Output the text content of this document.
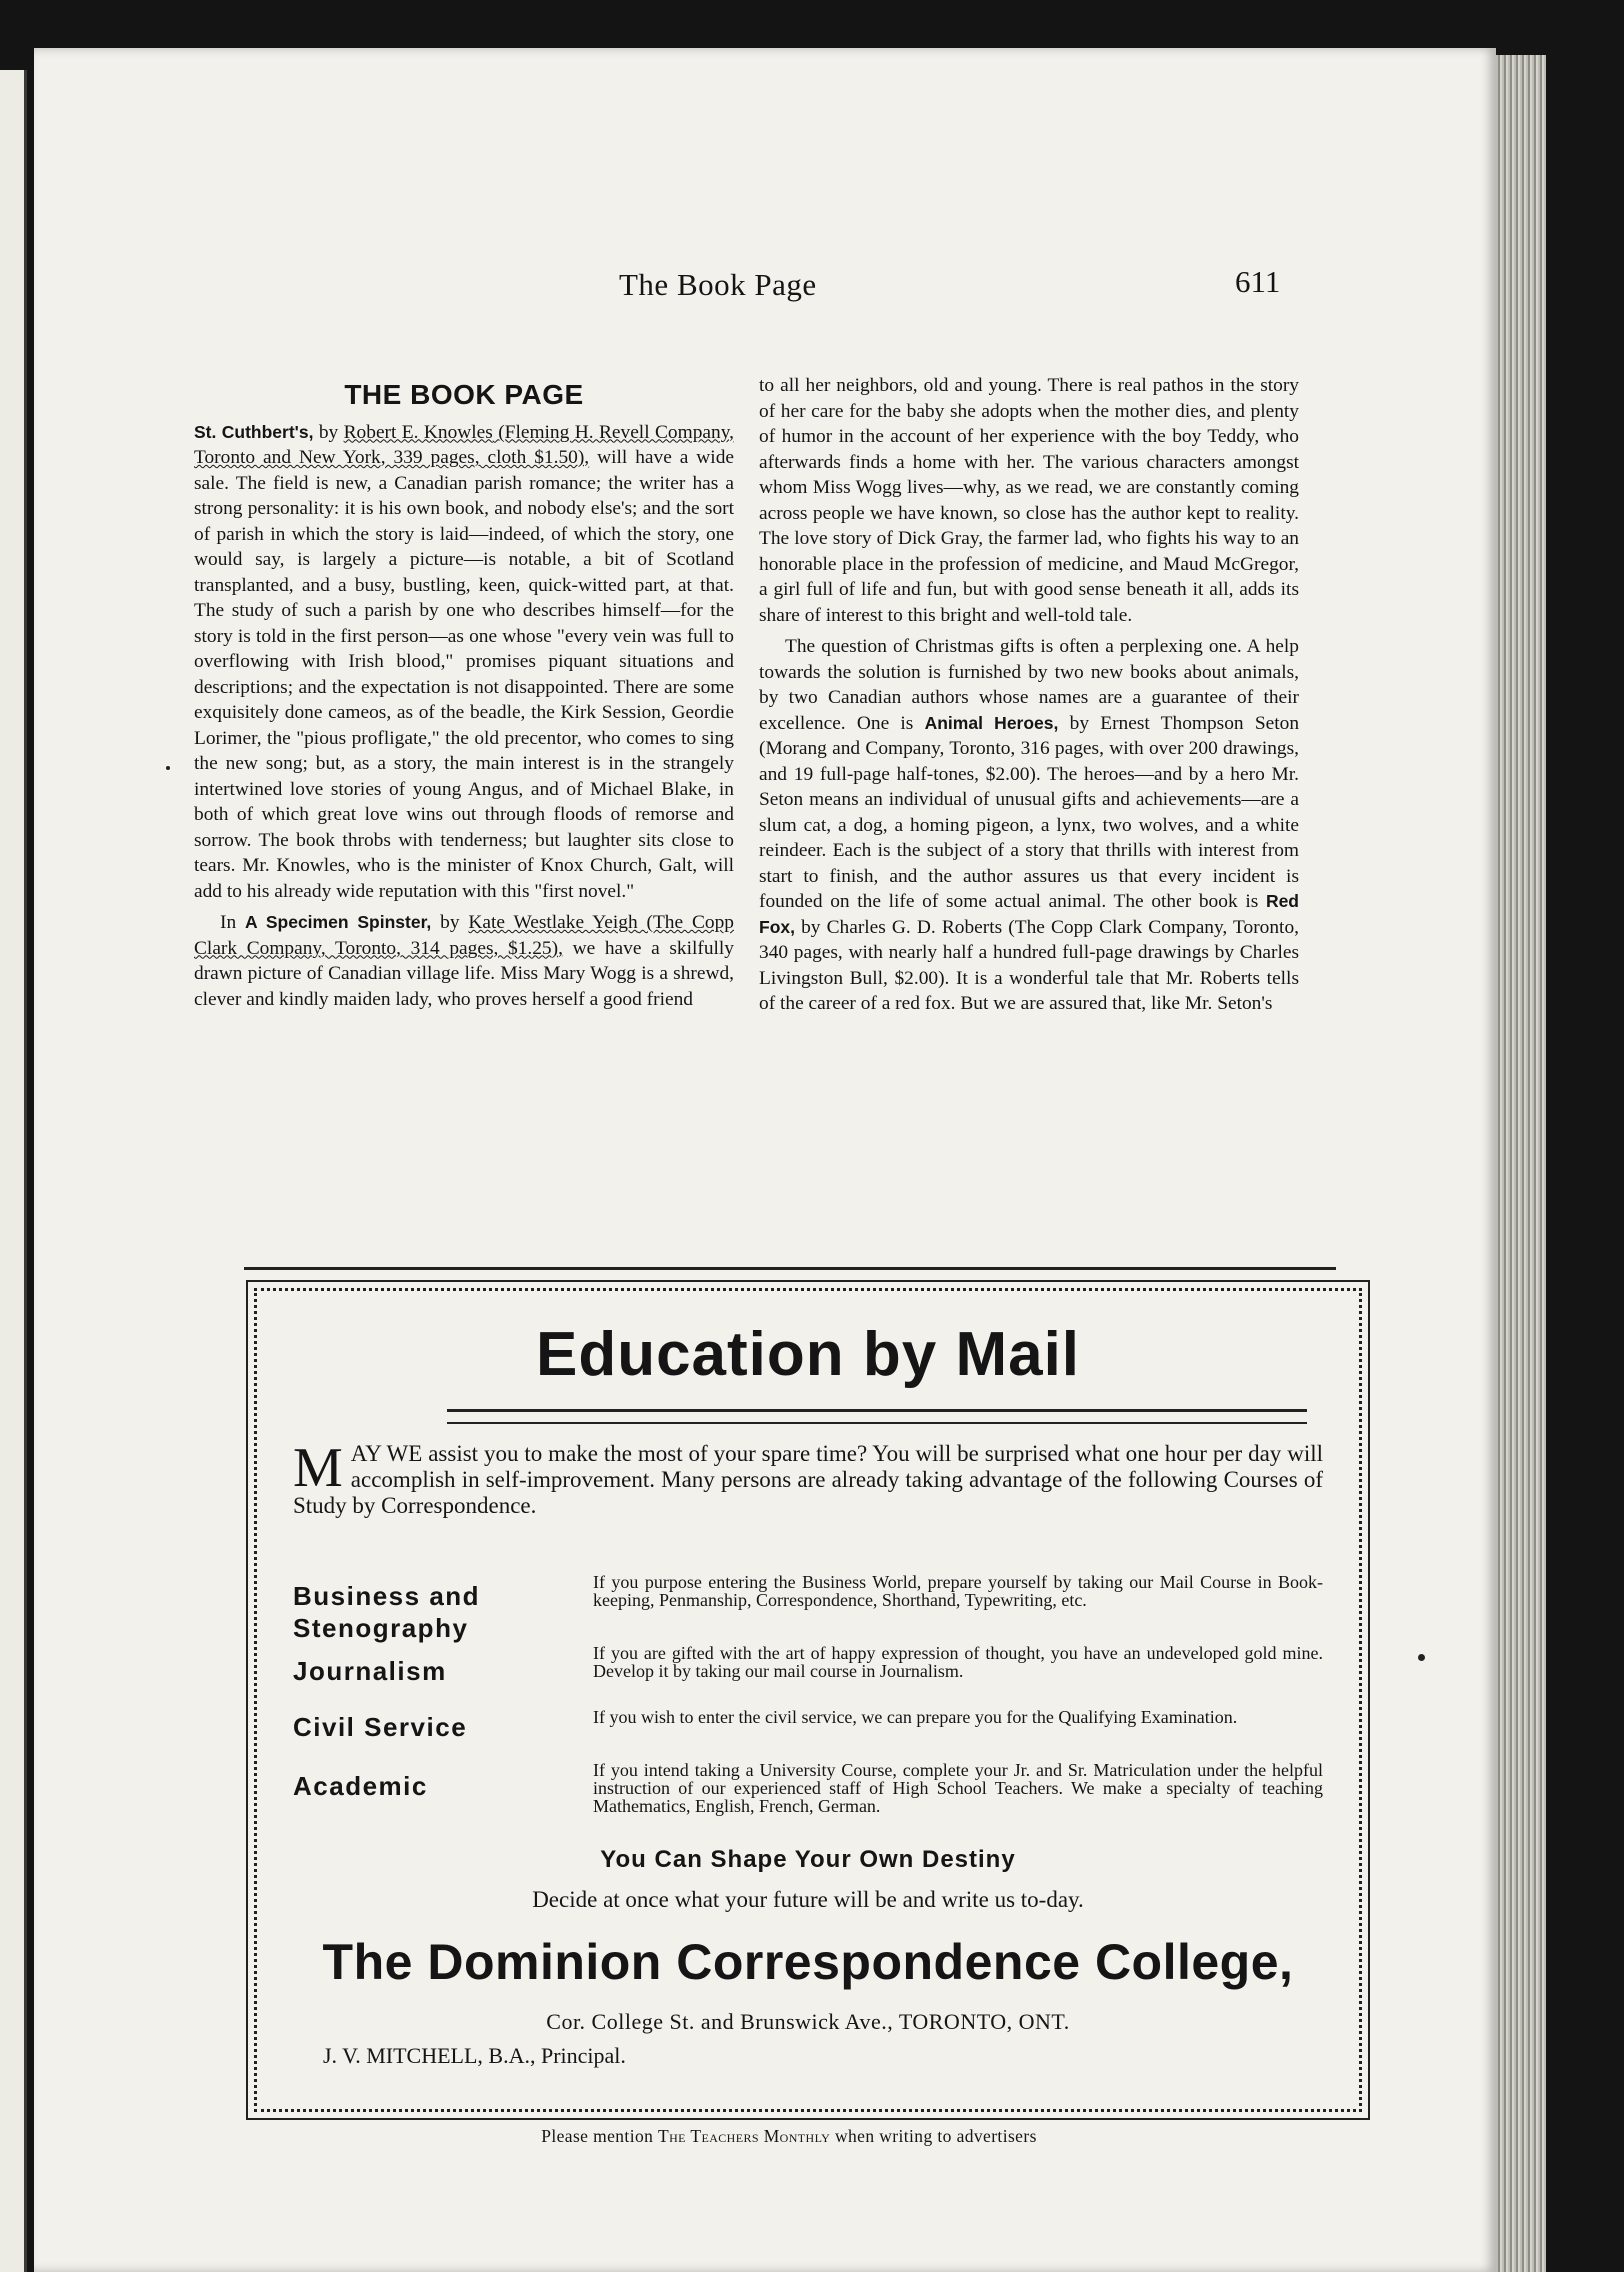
The Book Page	611
THE BOOK PAGE

St. Cuthbert's, by Robert E. Knowles (Fleming H. Revell Company, Toronto and New York, 339 pages, cloth $1.50), will have a wide sale. The field is new, a Canadian parish romance; the writer has a strong personality: it is his own book, and nobody else's; and the sort of parish in which the story is laid—indeed, of which the story, one would say, is largely a picture—is notable, a bit of Scotland transplanted, and a busy, bustling, keen, quick-witted part, at that. The study of such a parish by one who describes himself—for the story is told in the first person—as one whose "every vein was full to overflowing with Irish blood," promises piquant situations and descriptions; and the expectation is not disappointed. There are some exquisitely done cameos, as of the beadle, the Kirk Session, Geordie Lorimer, the "pious profligate," the old precentor, who comes to sing the new song; but, as a story, the main interest is in the strangely intertwined love stories of young Angus, and of Michael Blake, in both of which great love wins out through floods of remorse and sorrow. The book throbs with tenderness; but laughter sits close to tears. Mr. Knowles, who is the minister of Knox Church, Galt, will add to his already wide reputation with this "first novel."

In A Specimen Spinster, by Kate Westlake Yeigh (The Copp Clark Company, Toronto, 314 pages, $1.25), we have a skilfully drawn picture of Canadian village life. Miss Mary Wogg is a shrewd, clever and kindly maiden lady, who proves herself a good friend

to all her neighbors, old and young. There is real pathos in the story of her care for the baby she adopts when the mother dies, and plenty of humor in the account of her experience with the boy Teddy, who afterwards finds a home with her. The various characters amongst whom Miss Wogg lives—why, as we read, we are constantly coming across people we have known, so close has the author kept to reality. The love story of Dick Gray, the farmer lad, who fights his way to an honorable place in the profession of medicine, and Maud McGregor, a girl full of life and fun, but with good sense beneath it all, adds its share of interest to this bright and well-told tale.

The question of Christmas gifts is often a perplexing one. A help towards the solution is furnished by two new books about animals, by two Canadian authors whose names are a guarantee of their excellence. One is Animal Heroes, by Ernest Thompson Seton (Morang and Company, Toronto, 316 pages, with over 200 drawings, and 19 full-page half-tones, $2.00). The heroes—and by a hero Mr. Seton means an individual of unusual gifts and achievements—are a slum cat, a dog, a homing pigeon, a lynx, two wolves, and a white reindeer. Each is the subject of a story that thrills with interest from start to finish, and the author assures us that every incident is founded on the life of some actual animal. The other book is Red Fox, by Charles G. D. Roberts (The Copp Clark Company, Toronto, 340 pages, with nearly half a hundred full-page drawings by Charles Livingston Bull, $2.00). It is a wonderful tale that Mr. Roberts tells of the career of a red fox. But we are assured that, like Mr. Seton's

Education by Mail
MAY WE assist you to make the most of your spare time? You will be surprised what one hour per day will accomplish in self-improvement. Many persons are already taking advantage of the following Courses of Study by Correspondence.
Business and
Stenography
If you purpose entering the Business World, prepare yourself by taking our Mail Course in Book-keeping, Penmanship, Correspondence, Shorthand, Typewriting, etc.
Journalism
If you are gifted with the art of happy expression of thought, you have an undeveloped gold mine. Develop it by taking our mail course in Journalism.
Civil Service	If you wish to enter the civil service, we can prepare you for the Qualifying Examination.
Academic
If you intend taking a University Course, complete your Jr. and Sr. Matriculation under the helpful instruction of our experienced staff of High School Teachers. We make a specialty of teaching Mathematics, English, French, German.
You Can Shape Your Own Destiny
Decide at once what your future will be and write us to-day.
The Dominion Correspondence College,
Cor. College St. and Brunswick Ave., TORONTO, ONT.
J. V. MITCHELL, B.A., Principal.
Please mention The Teachers Monthly when writing to advertisers
